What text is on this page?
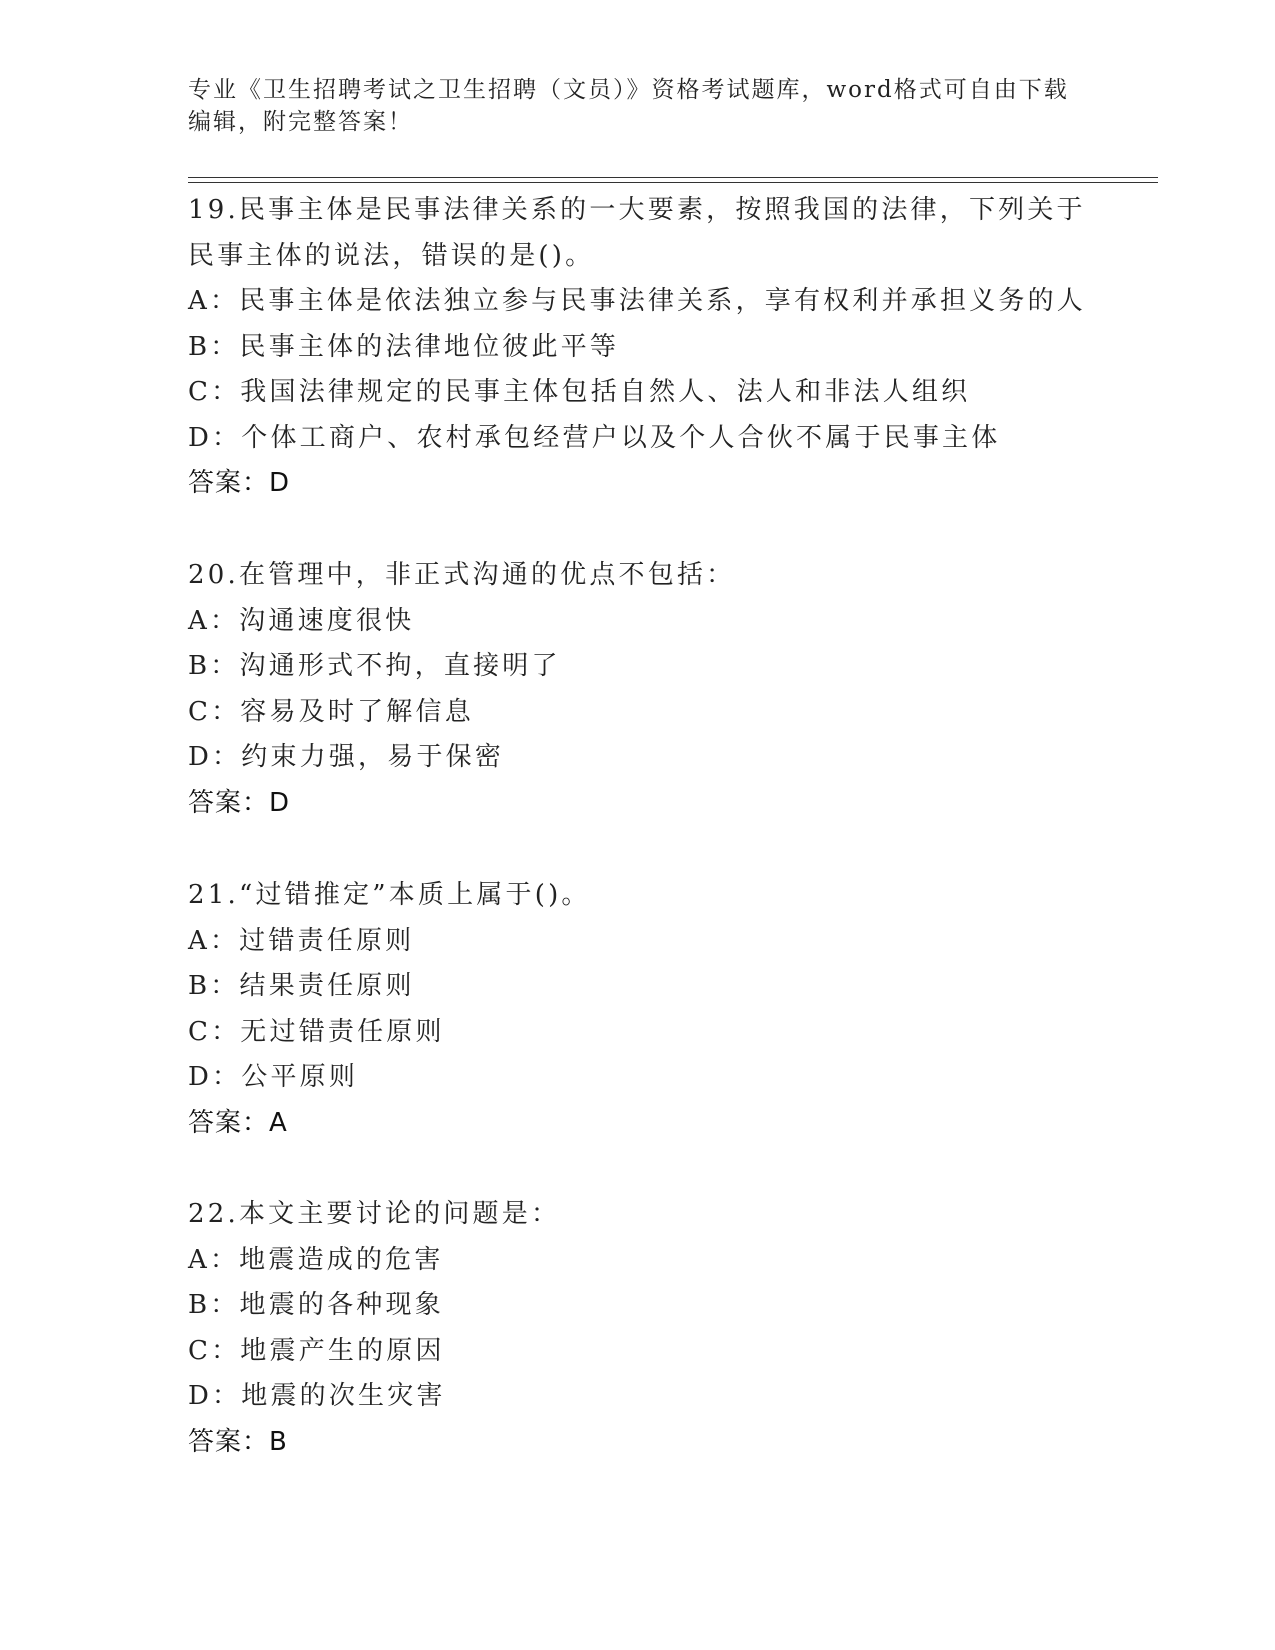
专业《卫生招聘考试之卫生招聘（文员）》资格考试题库，word格式可自由下载
编辑，附完整答案！
19.民事主体是民事法律关系的一大要素，按照我国的法律，下列关于
民事主体的说法，错误的是()。
A：民事主体是依法独立参与民事法律关系，享有权利并承担义务的人
B：民事主体的法律地位彼此平等
C：我国法律规定的民事主体包括自然人、法人和非法人组织
D：个体工商户、农村承包经营户以及个人合伙不属于民事主体
答案：D
20.在管理中，非正式沟通的优点不包括：
A：沟通速度很快
B：沟通形式不拘，直接明了
C：容易及时了解信息
D：约束力强，易于保密
答案：D
21.“过错推定”本质上属于()。
A：过错责任原则
B：结果责任原则
C：无过错责任原则
D：公平原则
答案：A
22.本文主要讨论的问题是：
A：地震造成的危害
B：地震的各种现象
C：地震产生的原因
D：地震的次生灾害
答案：B
